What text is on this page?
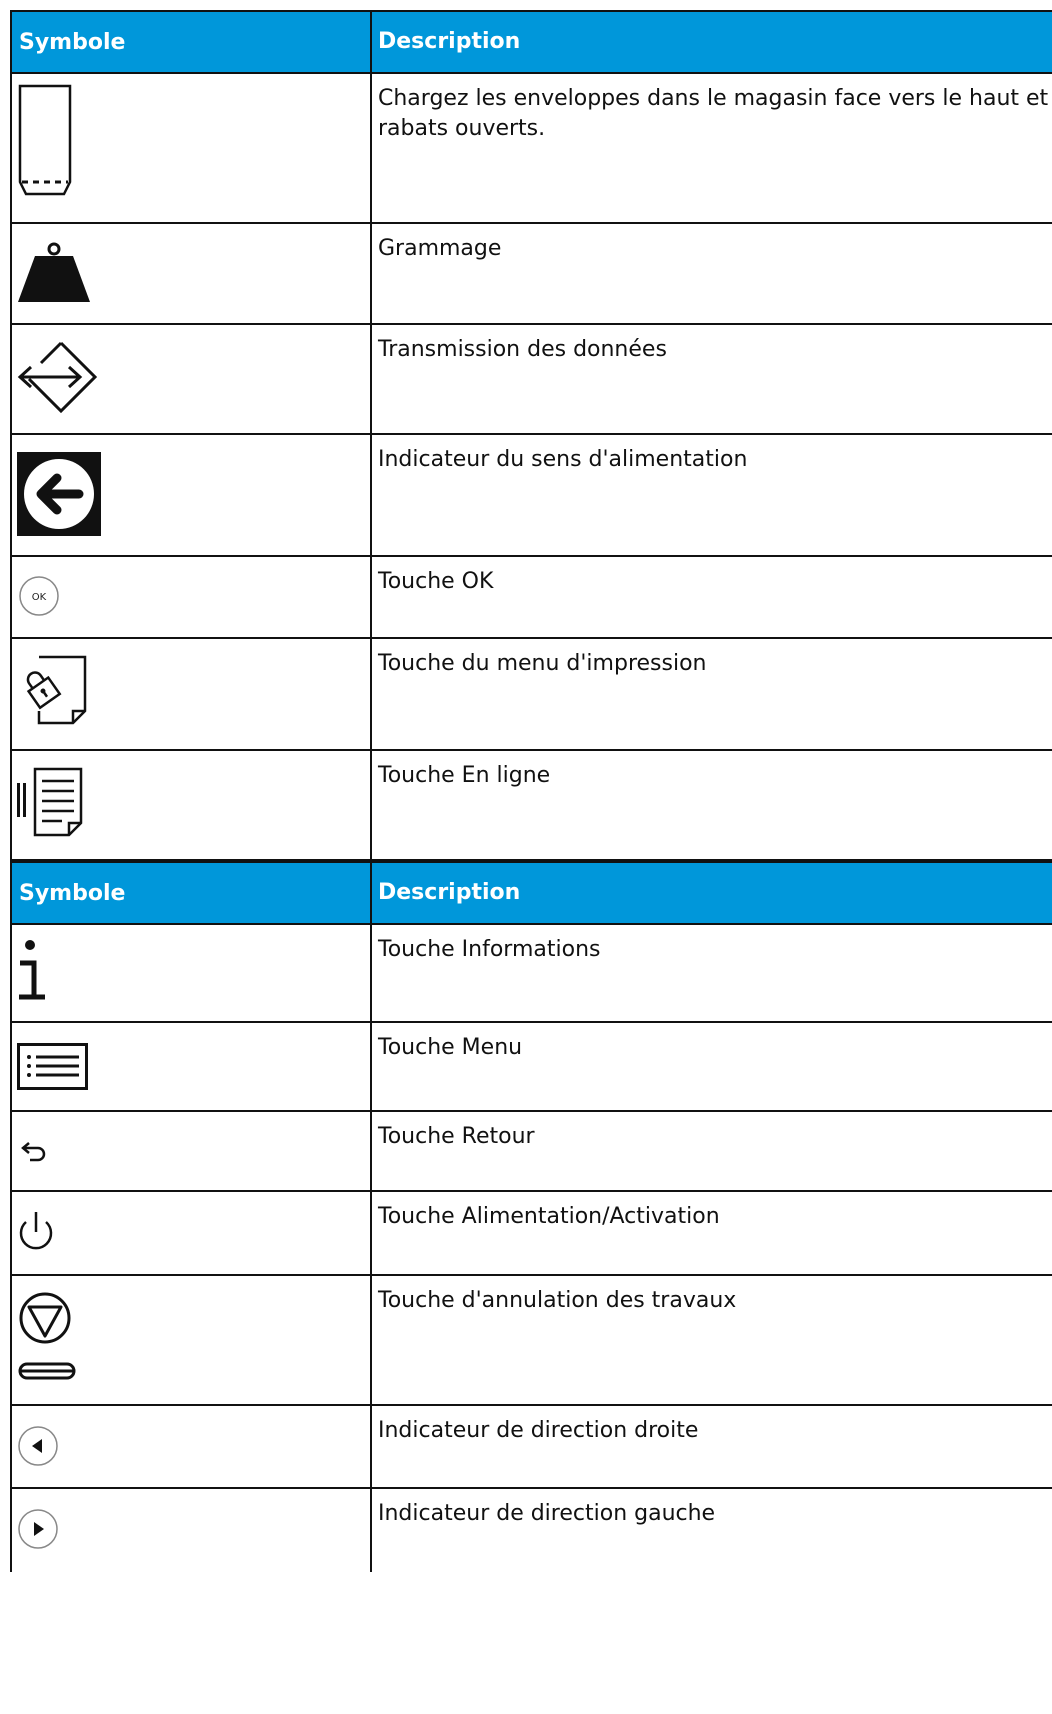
Symbole	Description
Chargez les enveloppes dans le magasin face vers le haut et rabats ouverts.
Grammage
Transmission des données
Indicateur du sens d'alimentation
OK
Touche OK
Touche du menu d'impression
Touche En ligne
Symbole	Description
Touche Informations
Touche Menu
Touche Retour
Touche Alimentation/Activation
Touche d'annulation des travaux
Indicateur de direction droite
Indicateur de direction gauche
